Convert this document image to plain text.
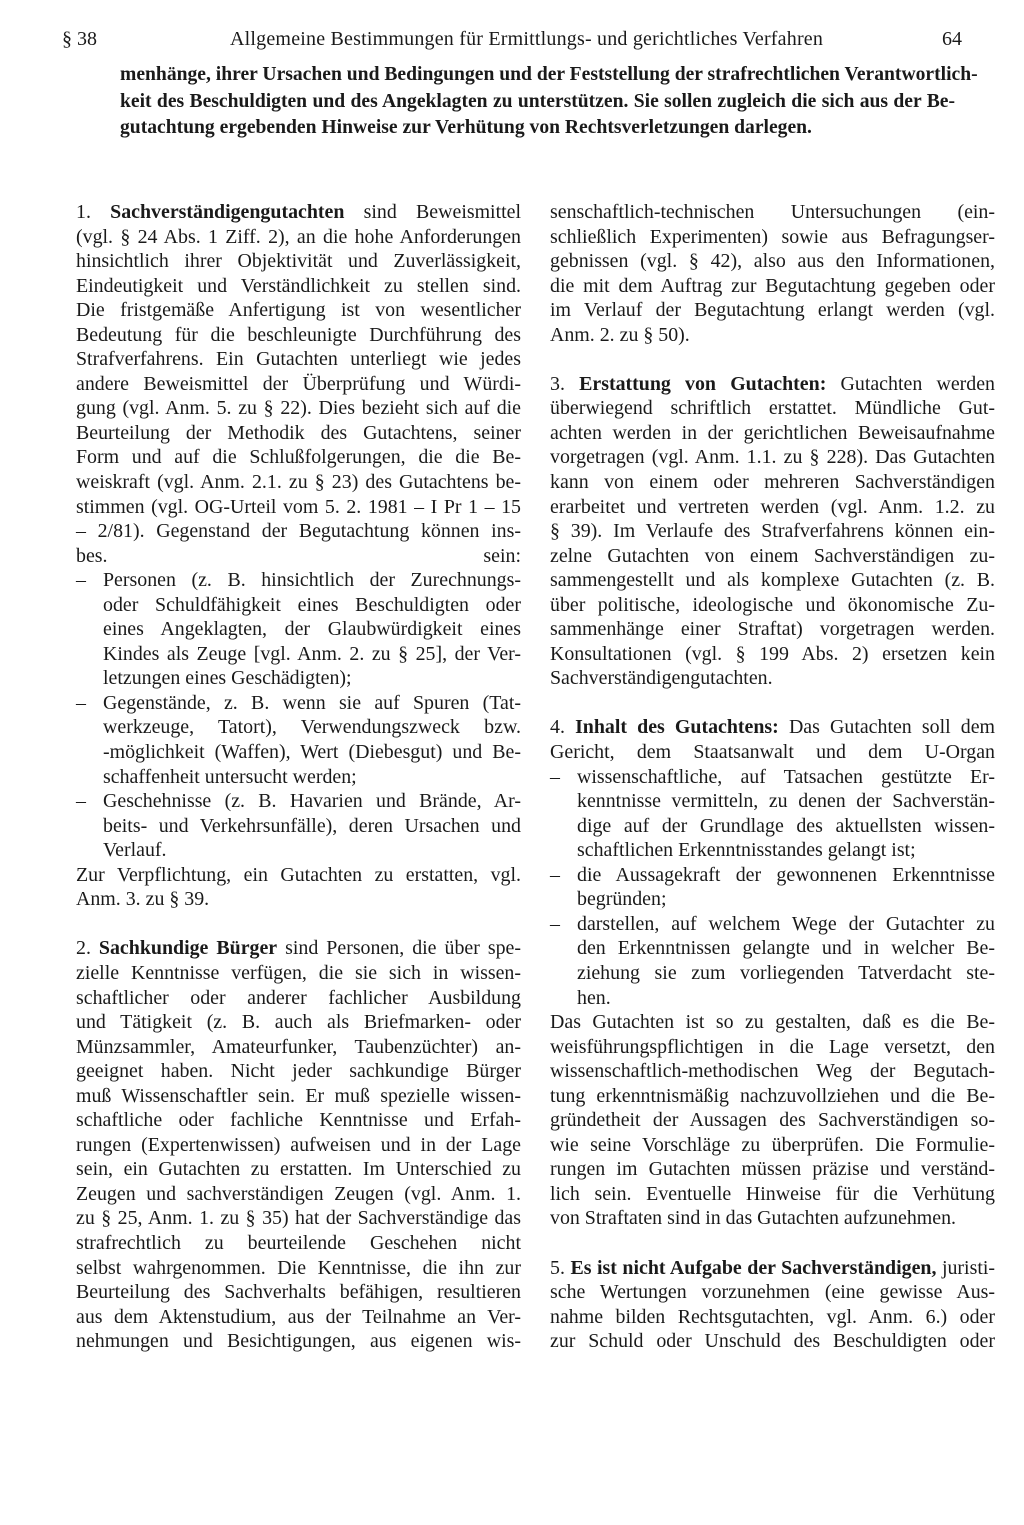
§ 38	Allgemeine Bestimmungen für Ermittlungs- und gerichtliches Verfahren	64
menhänge, ihrer Ursachen und Bedingungen und der Feststellung der strafrechtlichen Verantwortlich-
keit des Beschuldigten und des Angeklagten zu unterstützen. Sie sollen zugleich die sich aus der Be-
gutachtung ergebenden Hinweise zur Verhütung von Rechtsverletzungen darlegen.
1. Sachverständigengutachten sind Beweismittel
(vgl. § 24 Abs. 1 Ziff. 2), an die hohe Anforderungen
hinsichtlich ihrer Objektivität und Zuverlässigkeit,
Eindeutigkeit und Verständlichkeit zu stellen sind.
Die fristgemäße Anfertigung ist von wesentlicher
Bedeutung für die beschleunigte Durchführung des
Strafverfahrens. Ein Gutachten unterliegt wie jedes
andere Beweismittel der Überprüfung und Würdi-
gung (vgl. Anm. 5. zu § 22). Dies bezieht sich auf die
Beurteilung der Methodik des Gutachtens, seiner
Form und auf die Schlußfolgerungen, die die Be-
weiskraft (vgl. Anm. 2.1. zu § 23) des Gutachtens be-
stimmen (vgl. OG-Urteil vom 5. 2. 1981 – I Pr 1 – 15
– 2/81). Gegenstand der Begutachtung können ins-
bes. sein:
– Personen (z. B. hinsichtlich der Zurechnungs-
oder Schuldfähigkeit eines Beschuldigten oder
eines Angeklagten, der Glaubwürdigkeit eines
Kindes als Zeuge [vgl. Anm. 2. zu § 25], der Ver-
letzungen eines Geschädigten);
– Gegenstände, z. B. wenn sie auf Spuren (Tat-
werkzeuge, Tatort), Verwendungszweck bzw.
-möglichkeit (Waffen), Wert (Diebesgut) und Be-
schaffenheit untersucht werden;
– Geschehnisse (z. B. Havarien und Brände, Ar-
beits- und Verkehrsunfälle), deren Ursachen und
Verlauf.
Zur Verpflichtung, ein Gutachten zu erstatten, vgl.
Anm. 3. zu § 39.
2. Sachkundige Bürger sind Personen, die über spe-
zielle Kenntnisse verfügen, die sie sich in wissen-
schaftlicher oder anderer fachlicher Ausbildung
und Tätigkeit (z. B. auch als Briefmarken- oder
Münzsammler, Amateurfunker, Taubenzüchter) an-
geeignet haben. Nicht jeder sachkundige Bürger
muß Wissenschaftler sein. Er muß spezielle wissen-
schaftliche oder fachliche Kenntnisse und Erfah-
rungen (Expertenwissen) aufweisen und in der Lage
sein, ein Gutachten zu erstatten. Im Unterschied zu
Zeugen und sachverständigen Zeugen (vgl. Anm. 1.
zu § 25, Anm. 1. zu § 35) hat der Sachverständige das
strafrechtlich zu beurteilende Geschehen nicht
selbst wahrgenommen. Die Kenntnisse, die ihn zur
Beurteilung des Sachverhalts befähigen, resultieren
aus dem Aktenstudium, aus der Teilnahme an Ver-
nehmungen und Besichtigungen, aus eigenen wis-
senschaftlich-technischen Untersuchungen (ein-
schließlich Experimenten) sowie aus Befragungser-
gebnissen (vgl. § 42), also aus den Informationen,
die mit dem Auftrag zur Begutachtung gegeben oder
im Verlauf der Begutachtung erlangt werden (vgl.
Anm. 2. zu § 50).
3. Erstattung von Gutachten: Gutachten werden
überwiegend schriftlich erstattet. Mündliche Gut-
achten werden in der gerichtlichen Beweisaufnahme
vorgetragen (vgl. Anm. 1.1. zu § 228). Das Gutachten
kann von einem oder mehreren Sachverständigen
erarbeitet und vertreten werden (vgl. Anm. 1.2. zu
§ 39). Im Verlaufe des Strafverfahrens können ein-
zelne Gutachten von einem Sachverständigen zu-
sammengestellt und als komplexe Gutachten (z. B.
über politische, ideologische und ökonomische Zu-
sammenhänge einer Straftat) vorgetragen werden.
Konsultationen (vgl. § 199 Abs. 2) ersetzen kein
Sachverständigengutachten.
4. Inhalt des Gutachtens: Das Gutachten soll dem
Gericht, dem Staatsanwalt und dem U-Organ
– wissenschaftliche, auf Tatsachen gestützte Er-
kenntnisse vermitteln, zu denen der Sachverstän-
dige auf der Grundlage des aktuellsten wissen-
schaftlichen Erkenntnisstandes gelangt ist;
– die Aussagekraft der gewonnenen Erkenntnisse
begründen;
– darstellen, auf welchem Wege der Gutachter zu
den Erkenntnissen gelangte und in welcher Be-
ziehung sie zum vorliegenden Tatverdacht ste-
hen.
Das Gutachten ist so zu gestalten, daß es die Be-
weisführungspflichtigen in die Lage versetzt, den
wissenschaftlich-methodischen Weg der Begutach-
tung erkenntnismäßig nachzuvollziehen und die Be-
gründetheit der Aussagen des Sachverständigen so-
wie seine Vorschläge zu überprüfen. Die Formulie-
rungen im Gutachten müssen präzise und verständ-
lich sein. Eventuelle Hinweise für die Verhütung
von Straftaten sind in das Gutachten aufzunehmen.
5. Es ist nicht Aufgabe der Sachverständigen, juristi-
sche Wertungen vorzunehmen (eine gewisse Aus-
nahme bilden Rechtsgutachten, vgl. Anm. 6.) oder
zur Schuld oder Unschuld des Beschuldigten oder
